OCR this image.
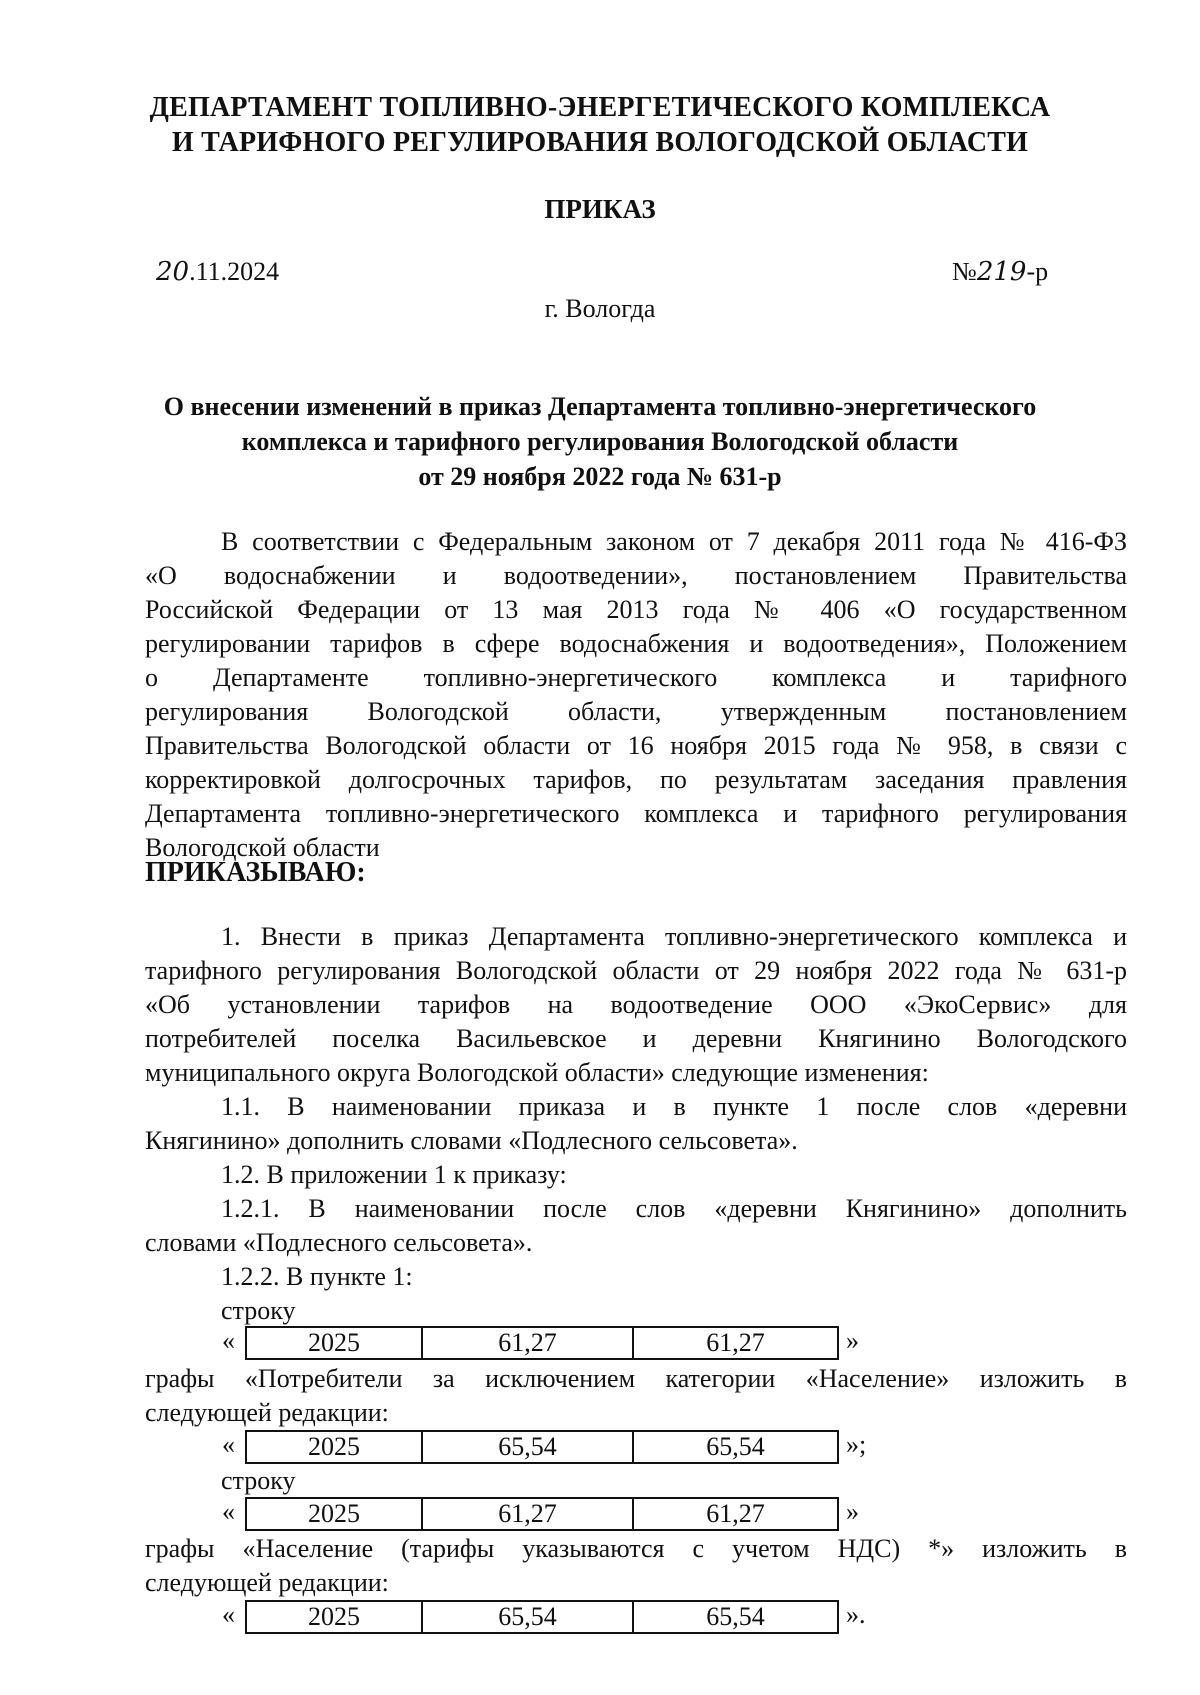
ДЕПАРТАМЕНТ ТОПЛИВНО-ЭНЕРГЕТИЧЕСКОГО КОМПЛЕКСА
И ТАРИФНОГО РЕГУЛИРОВАНИЯ ВОЛОГОДСКОЙ ОБЛАСТИ
ПРИКАЗ
20.11.2024	№219-р
г. Вологда
О внесении изменений в приказ Департамента топливно-энергетического
комплекса и тарифного регулирования Вологодской области
от 29 ноября 2022 года № 631-р
В соответствии с Федеральным законом от 7 декабря 2011 года № 416-ФЗ
«О водоснабжении и водоотведении», постановлением Правительства
Российской Федерации от 13 мая 2013 года № 406 «О государственном
регулировании тарифов в сфере водоснабжения и водоотведения», Положением
о Департаменте топливно-энергетического комплекса и тарифного
регулирования Вологодской области, утвержденным постановлением
Правительства Вологодской области от 16 ноября 2015 года № 958, в связи с
корректировкой долгосрочных тарифов, по результатам заседания правления
Департамента топливно-энергетического комплекса и тарифного регулирования
Вологодской области
ПРИКАЗЫВАЮ:
1. Внести в приказ Департамента топливно-энергетического комплекса и
тарифного регулирования Вологодской области от 29 ноября 2022 года № 631-р
«Об установлении тарифов на водоотведение ООО «ЭкоСервис» для
потребителей поселка Васильевское и деревни Княгинино Вологодского
муниципального округа Вологодской области» следующие изменения:
1.1. В наименовании приказа и в пункте 1 после слов «деревни
Княгинино» дополнить словами «Подлесного сельсовета».
1.2. В приложении 1 к приказу:
1.2.1. В наименовании после слов «деревни Княгинино» дополнить
словами «Подлесного сельсовета».
1.2.2. В пункте 1:
строку
«	2025	61,27	61,27	»
графы «Потребители за исключением категории «Население» изложить в
следующей редакции:
«	2025	65,54	65,54	»;
строку
«	2025	61,27	61,27	»
графы «Население (тарифы указываются с учетом НДС) *» изложить в
следующей редакции:
«	2025	65,54	65,54	».
